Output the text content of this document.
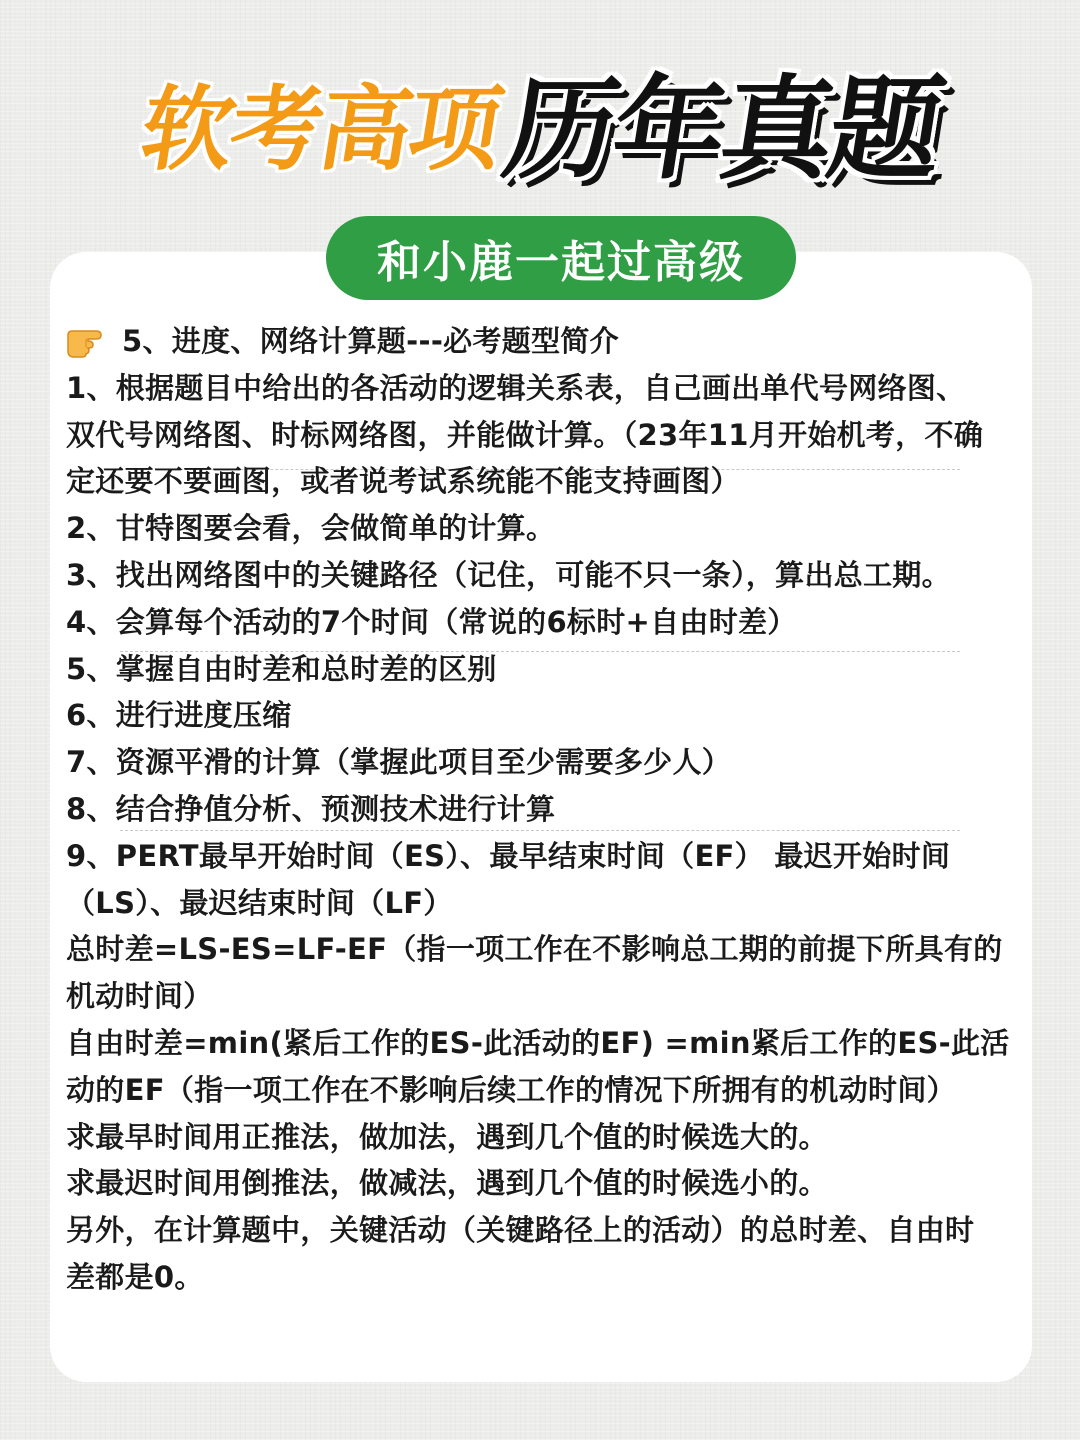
软考高项
历年真题
和小鹿一起过高级
5、进度、网络计算题---必考题型简介
1、根据题目中给出的各活动的逻辑关系表，自己画出单代号网络图、
双代号网络图、时标网络图，并能做计算。（23年11月开始机考，不确
定还要不要画图，或者说考试系统能不能支持画图）
2、甘特图要会看，会做简单的计算。
3、找出网络图中的关键路径（记住，可能不只一条），算出总工期。
4、会算每个活动的7个时间（常说的6标时+自由时差）
5、掌握自由时差和总时差的区别
6、进行进度压缩
7、资源平滑的计算（掌握此项目至少需要多少人）
8、结合挣值分析、预测技术进行计算
9、PERT最早开始时间（ES）、最早结束时间（EF） 最迟开始时间
（LS）、最迟结束时间（LF）
总时差=LS-ES=LF-EF（指一项工作在不影响总工期的前提下所具有的
机动时间）
自由时差=min(紧后工作的ES-此活动的EF) =min紧后工作的ES-此活
动的EF（指一项工作在不影响后续工作的情况下所拥有的机动时间）
求最早时间用正推法，做加法，遇到几个值的时候选大的。
求最迟时间用倒推法，做减法，遇到几个值的时候选小的。
另外，在计算题中，关键活动（关键路径上的活动）的总时差、自由时
差都是0。
